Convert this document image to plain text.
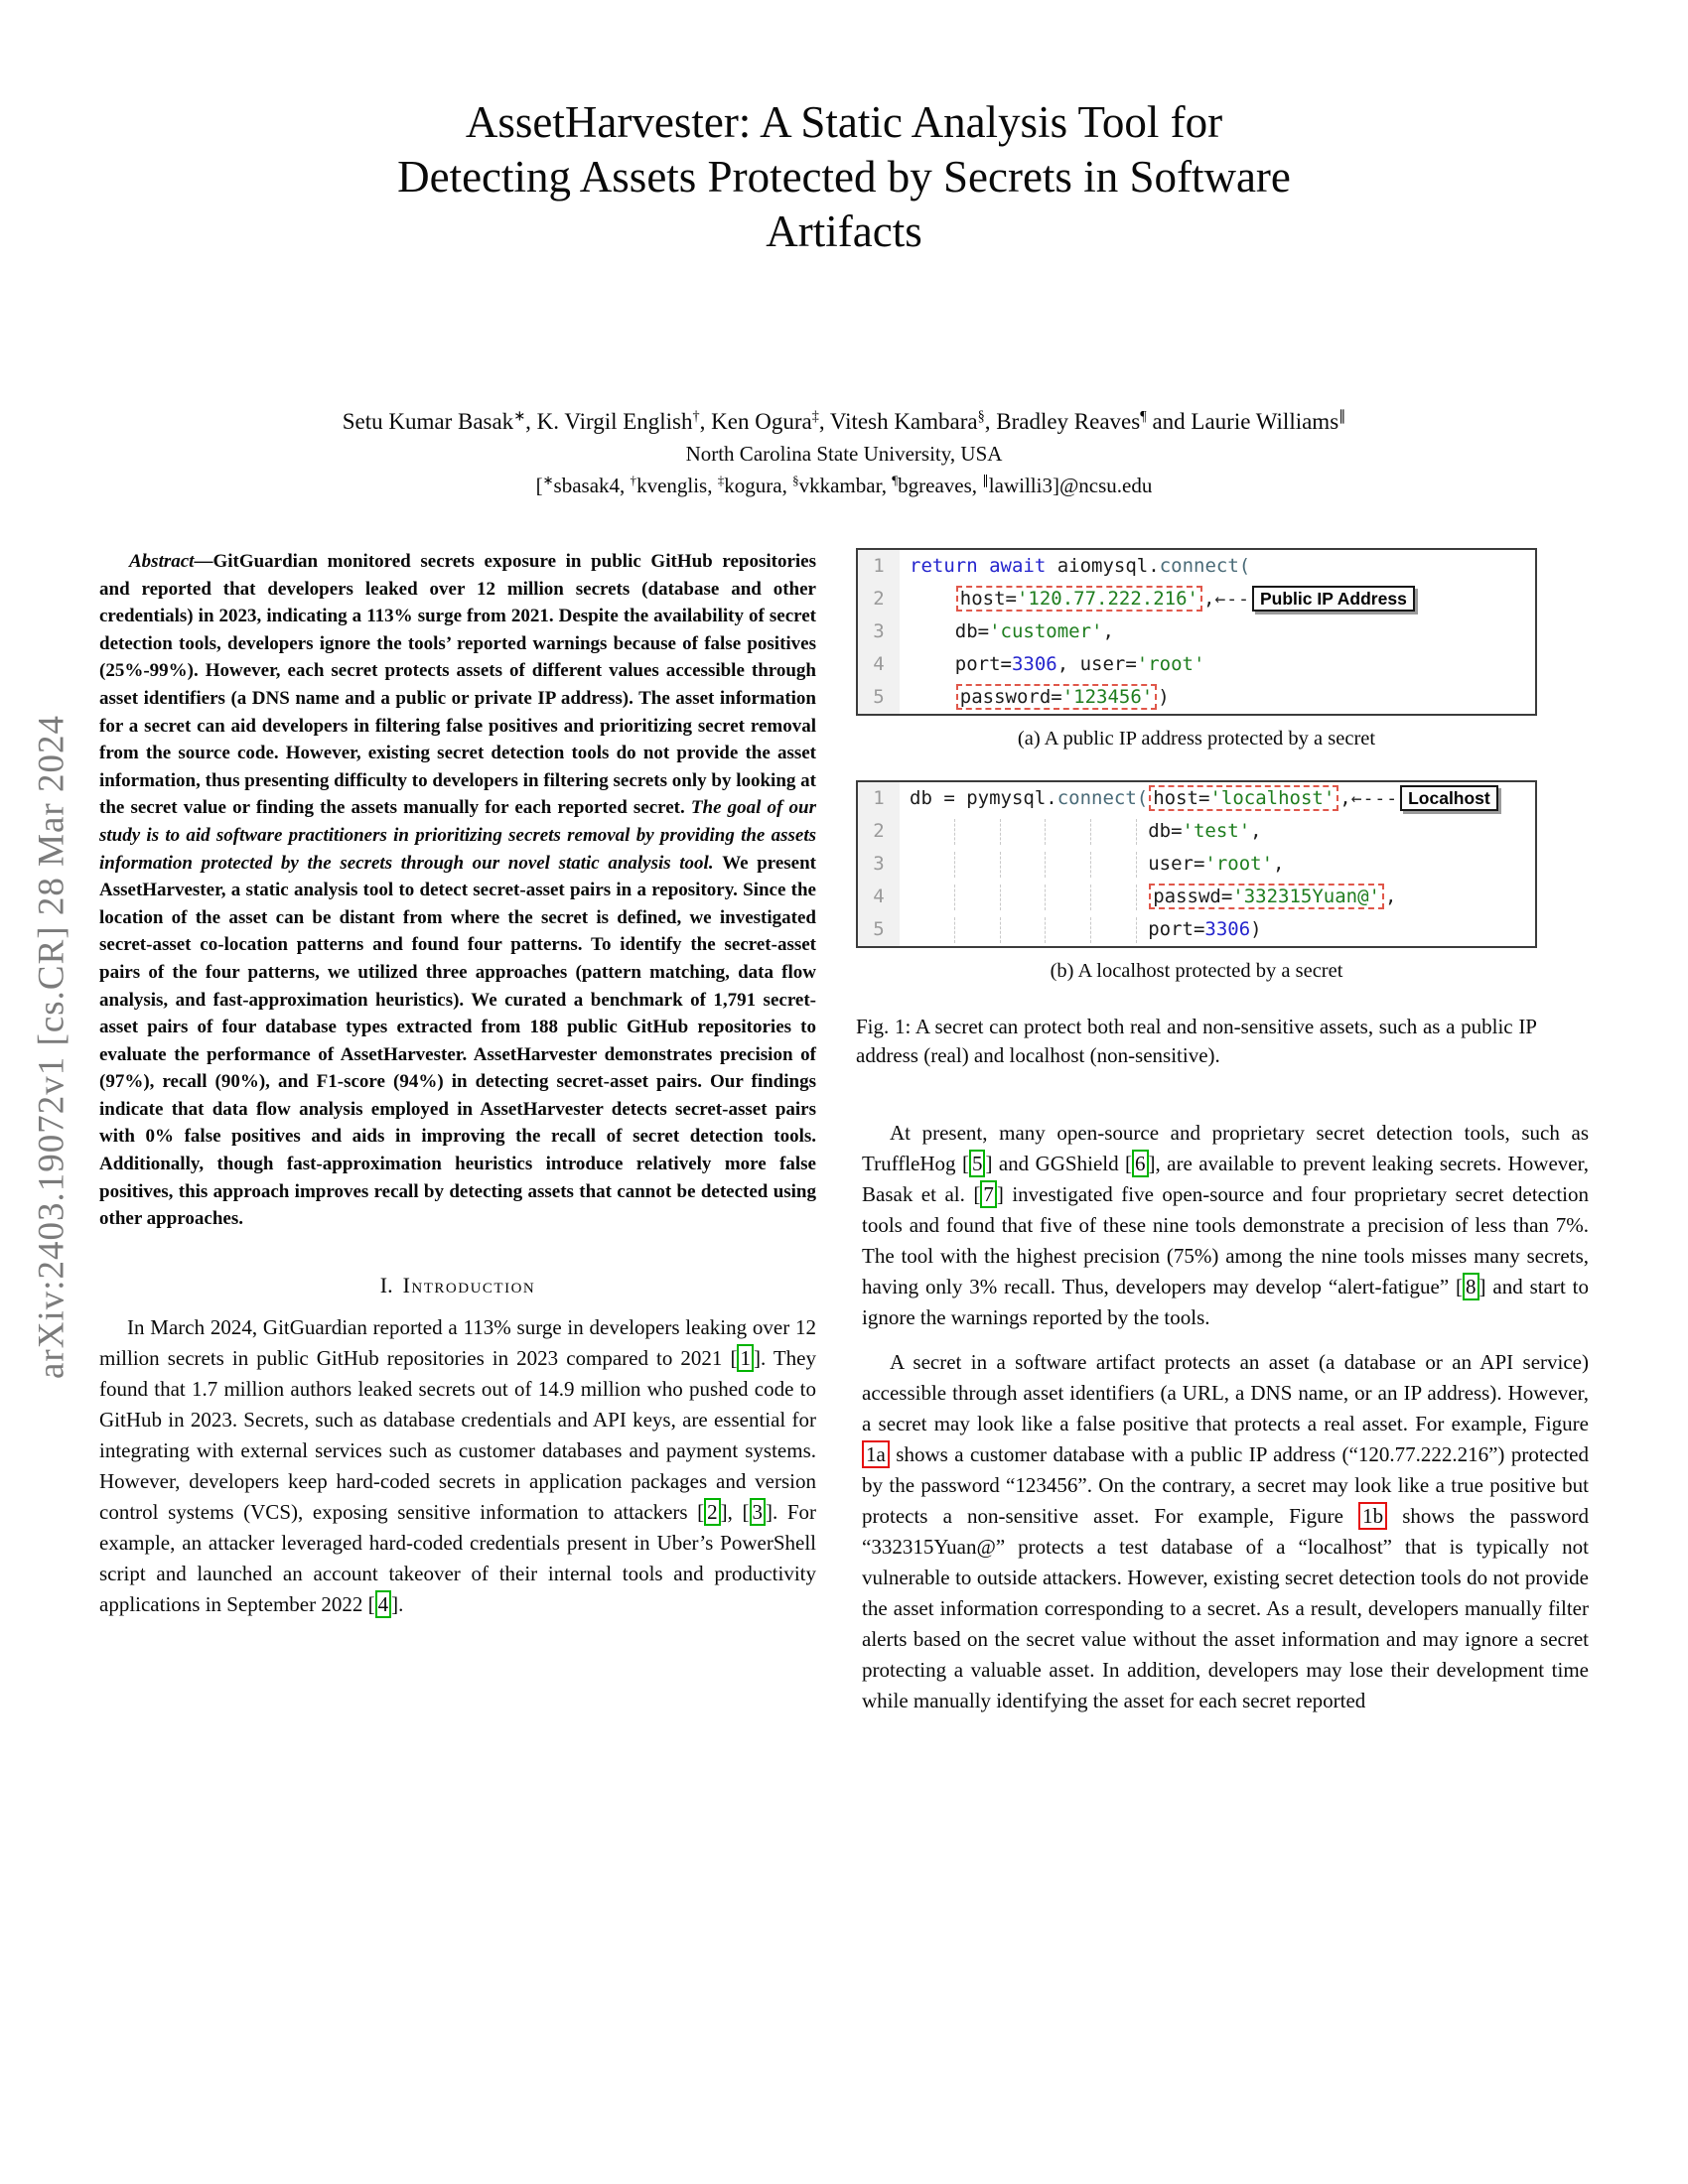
arXiv:2403.19072v1 [cs.CR] 28 Mar 2024
AssetHarvester: A Static Analysis Tool for
Detecting Assets Protected by Secrets in Software
Artifacts
Setu Kumar Basak∗, K. Virgil English†, Ken Ogura‡, Vitesh Kambara§, Bradley Reaves¶ and Laurie Williams∥
North Carolina State University, USA
[∗sbasak4, †kvenglis, ‡kogura, §vkkambar, ¶bgreaves, ∥lawilli3]@ncsu.edu
Abstract—GitGuardian monitored secrets exposure in public GitHub repositories and reported that developers leaked over 12 million secrets (database and other credentials) in 2023, indicating a 113% surge from 2021. Despite the availability of secret detection tools, developers ignore the tools’ reported warnings because of false positives (25%-99%). However, each secret protects assets of different values accessible through asset identifiers (a DNS name and a public or private IP address). The asset information for a secret can aid developers in filtering false positives and prioritizing secret removal from the source code. However, existing secret detection tools do not provide the asset information, thus presenting difficulty to developers in filtering secrets only by looking at the secret value or finding the assets manually for each reported secret. The goal of our study is to aid software practitioners in prioritizing secrets removal by providing the assets information protected by the secrets through our novel static analysis tool. We present AssetHarvester, a static analysis tool to detect secret-asset pairs in a repository. Since the location of the asset can be distant from where the secret is defined, we investigated secret-asset co-location patterns and found four patterns. To identify the secret-asset pairs of the four patterns, we utilized three approaches (pattern matching, data flow analysis, and fast-approximation heuristics). We curated a benchmark of 1,791 secret-asset pairs of four database types extracted from 188 public GitHub repositories to evaluate the performance of AssetHarvester. AssetHarvester demonstrates precision of (97%), recall (90%), and F1-score (94%) in detecting secret-asset pairs. Our findings indicate that data flow analysis employed in AssetHarvester detects secret-asset pairs with 0% false positives and aids in improving the recall of secret detection tools. Additionally, though fast-approximation heuristics introduce relatively more false positives, this approach improves recall by detecting assets that cannot be detected using other approaches.
I. Introduction
In March 2024, GitGuardian reported a 113% surge in developers leaking over 12 million secrets in public GitHub repositories in 2023 compared to 2021 [ 1 ]. They found that 1.7 million authors leaked secrets out of 14.9 million who pushed code to GitHub in 2023. Secrets, such as database credentials and API keys, are essential for integrating with external services such as customer databases and payment systems. However, developers keep hard-coded secrets in application packages and version control systems (VCS), exposing sensitive information to attackers [ 2 ], [ 3 ]. For example, an attacker leveraged hard-coded credentials present in Uber’s PowerShell script and launched an account takeover of their internal tools and productivity applications in September 2022 [ 4 ].
1	return await aiomysql.connect(
2	host='120.77.222.216' ,←-- Public IP Address
3	db='customer',
4	port=3306, user='root'
5	password='123456' )
(a) A public IP address protected by a secret
1	db = pymysql.connect( host='localhost' ,←--- Localhost
2	db='test',
3	user='root',
4	passwd='332315Yuan@' ,
5	port=3306)
(b) A localhost protected by a secret
Fig. 1: A secret can protect both real and non-sensitive assets, such as a public IP address (real) and localhost (non-sensitive).
At present, many open-source and proprietary secret detection tools, such as TruffleHog [ 5 ] and GGShield [ 6 ], are available to prevent leaking secrets. However, Basak et al. [ 7 ] investigated five open-source and four proprietary secret detection tools and found that five of these nine tools demonstrate a precision of less than 7%. The tool with the highest precision (75%) among the nine tools misses many secrets, having only 3% recall. Thus, developers may develop “alert-fatigue” [ 8 ] and start to ignore the warnings reported by the tools.
A secret in a software artifact protects an asset (a database or an API service) accessible through asset identifiers (a URL, a DNS name, or an IP address). However, a secret may look like a false positive that protects a real asset. For example, Figure 1a shows a customer database with a public IP address (“120.77.222.216”) protected by the password “123456”. On the contrary, a secret may look like a true positive but protects a non-sensitive asset. For example, Figure 1b shows the password “332315Yuan@” protects a test database of a “localhost” that is typically not vulnerable to outside attackers. However, existing secret detection tools do not provide the asset information corresponding to a secret. As a result, developers manually filter alerts based on the secret value without the asset information and may ignore a secret protecting a valuable asset. In addition, developers may lose their development time while manually identifying the asset for each secret reported
